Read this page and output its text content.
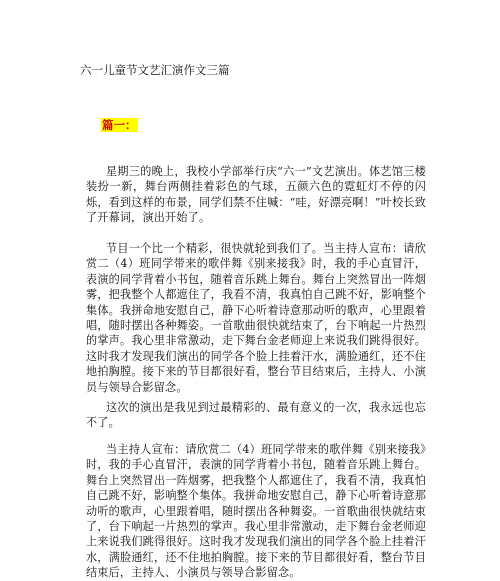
六一儿童节文艺汇演作文三篇
篇一：

星期三的晚上，我校小学部举行庆“六一”文艺演出。体艺馆三楼装扮一新，舞台两侧挂着彩色的气球，五颜六色的霓虹灯不停的闪烁，看到这样的布景，同学们禁不住喊：“哇，好漂亮啊！”叶校长致了开幕词，演出开始了。

节目一个比一个精彩，很快就轮到我们了。当主持人宣布：请欣赏二（4）班同学带来的歌伴舞《别来接我》时，我的手心直冒汗，表演的同学背着小书包，随着音乐跳上舞台。舞台上突然冒出一阵烟雾，把我整个人都遮住了，我看不清，我真怕自己跳不好，影响整个集体。我拼命地安慰自己，静下心听着诗意那动听的歌声，心里跟着唱，随时摆出各种舞姿。一首歌曲很快就结束了，台下响起一片热烈的掌声。我心里非常激动，走下舞台金老师迎上来说我们跳得很好。这时我才发现我们演出的同学各个脸上挂着汗水，满脸通红，还不住地拍胸膛。接下来的节目都很好看，整台节目结束后，主持人、小演员与领导合影留念。

这次的演出是我见到过最精彩的、最有意义的一次，我永远也忘不了。

当主持人宣布：请欣赏二（4）班同学带来的歌伴舞《别来接我》时，我的手心直冒汗，表演的同学背着小书包，随着音乐跳上舞台。舞台上突然冒出一阵烟雾，把我整个人都遮住了，我看不清，我真怕自己跳不好，影响整个集体。我拼命地安慰自己，静下心听着诗意那动听的歌声，心里跟着唱，随时摆出各种舞姿。一首歌曲很快就结束了，台下响起一片热烈的掌声。我心里非常激动，走下舞台金老师迎上来说我们跳得很好。这时我才发现我们演出的同学各个脸上挂着汗水，满脸通红，还不住地拍胸膛。接下来的节目都很好看，整台节目结束后，主持人、小演员与领导合影留念。
